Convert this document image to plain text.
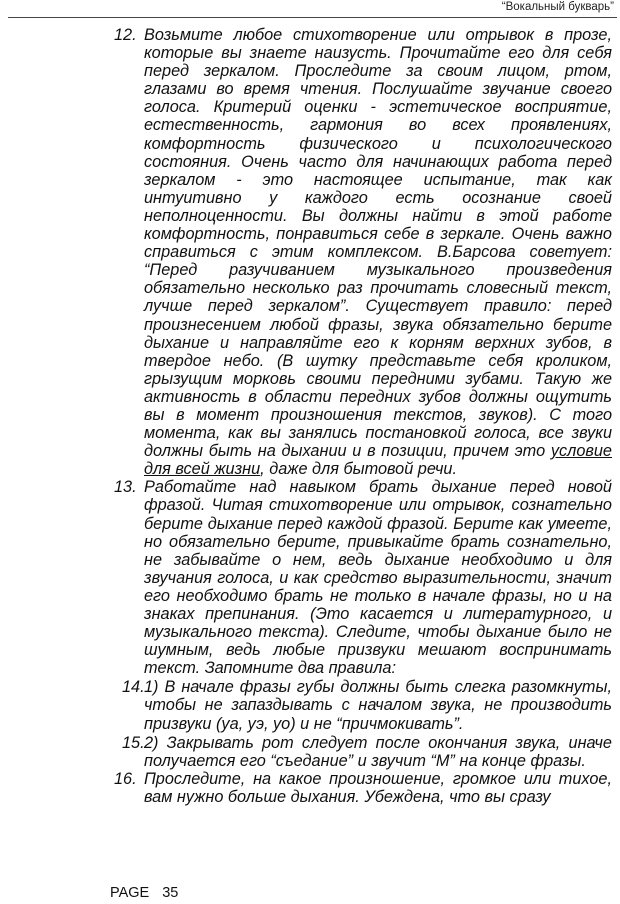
“Вокальный букварь”
12. Возьмите любое стихотворение или отрывок в прозе, которые вы знаете наизусть. Прочитайте его для себя перед зеркалом. Проследите за своим лицом, ртом, глазами во время чтения. Послушайте звучание своего голоса. Критерий оценки - эстетическое восприятие, естественность, гармония во всех проявлениях, комфортность физического и психологического состояния. Очень часто для начинающих работа перед зеркалом - это настоящее испытание, так как интуитивно у каждого есть осознание своей неполноценности. Вы должны найти в этой работе комфортность, понравиться себе в зеркале. Очень важно справиться с этим комплексом. В.Барсова советует: “Перед разучиванием музыкального произведения обязательно несколько раз прочитать словесный текст, лучше перед зеркалом”. Существует правило: перед произнесением любой фразы, звука обязательно берите дыхание и направляйте его к корням верхних зубов, в твердое небо. (В шутку представьте себя кроликом, грызущим морковь своими передними зубами. Такую же активность в области передних зубов должны ощутить вы в момент произношения текстов, звуков). С того момента, как вы занялись постановкой голоса, все звуки должны быть на дыхании и в позиции, причем это условие для всей жизни, даже для бытовой речи.
13. Работайте над навыком брать дыхание перед новой фразой. Читая стихотворение или отрывок, сознательно берите дыхание перед каждой фразой. Берите как умеете, но обязательно берите, привыкайте брать сознательно, не забывайте о нем, ведь дыхание необходимо и для звучания голоса, и как средство выразительности, значит его необходимо брать не только в начале фразы, но и на знаках препинания. (Это касается и литературного, и музыкального текста). Следите, чтобы дыхание было не шумным, ведь любые призвуки мешают воспринимать текст. Запомните два правила:
14. 1) В начале фразы губы должны быть слегка разомкнуты, чтобы не запаздывать с началом звука, не производить призвуки (уа, уэ, уо) и не “причмокивать”.
15. 2) Закрывать рот следует после окончания звука, иначе получается его “съедание” и звучит “М” на конце фразы.
16. Проследите, на какое произношение, громкое или тихое, вам нужно больше дыхания. Убеждена, что вы сразу
PAGE 35
